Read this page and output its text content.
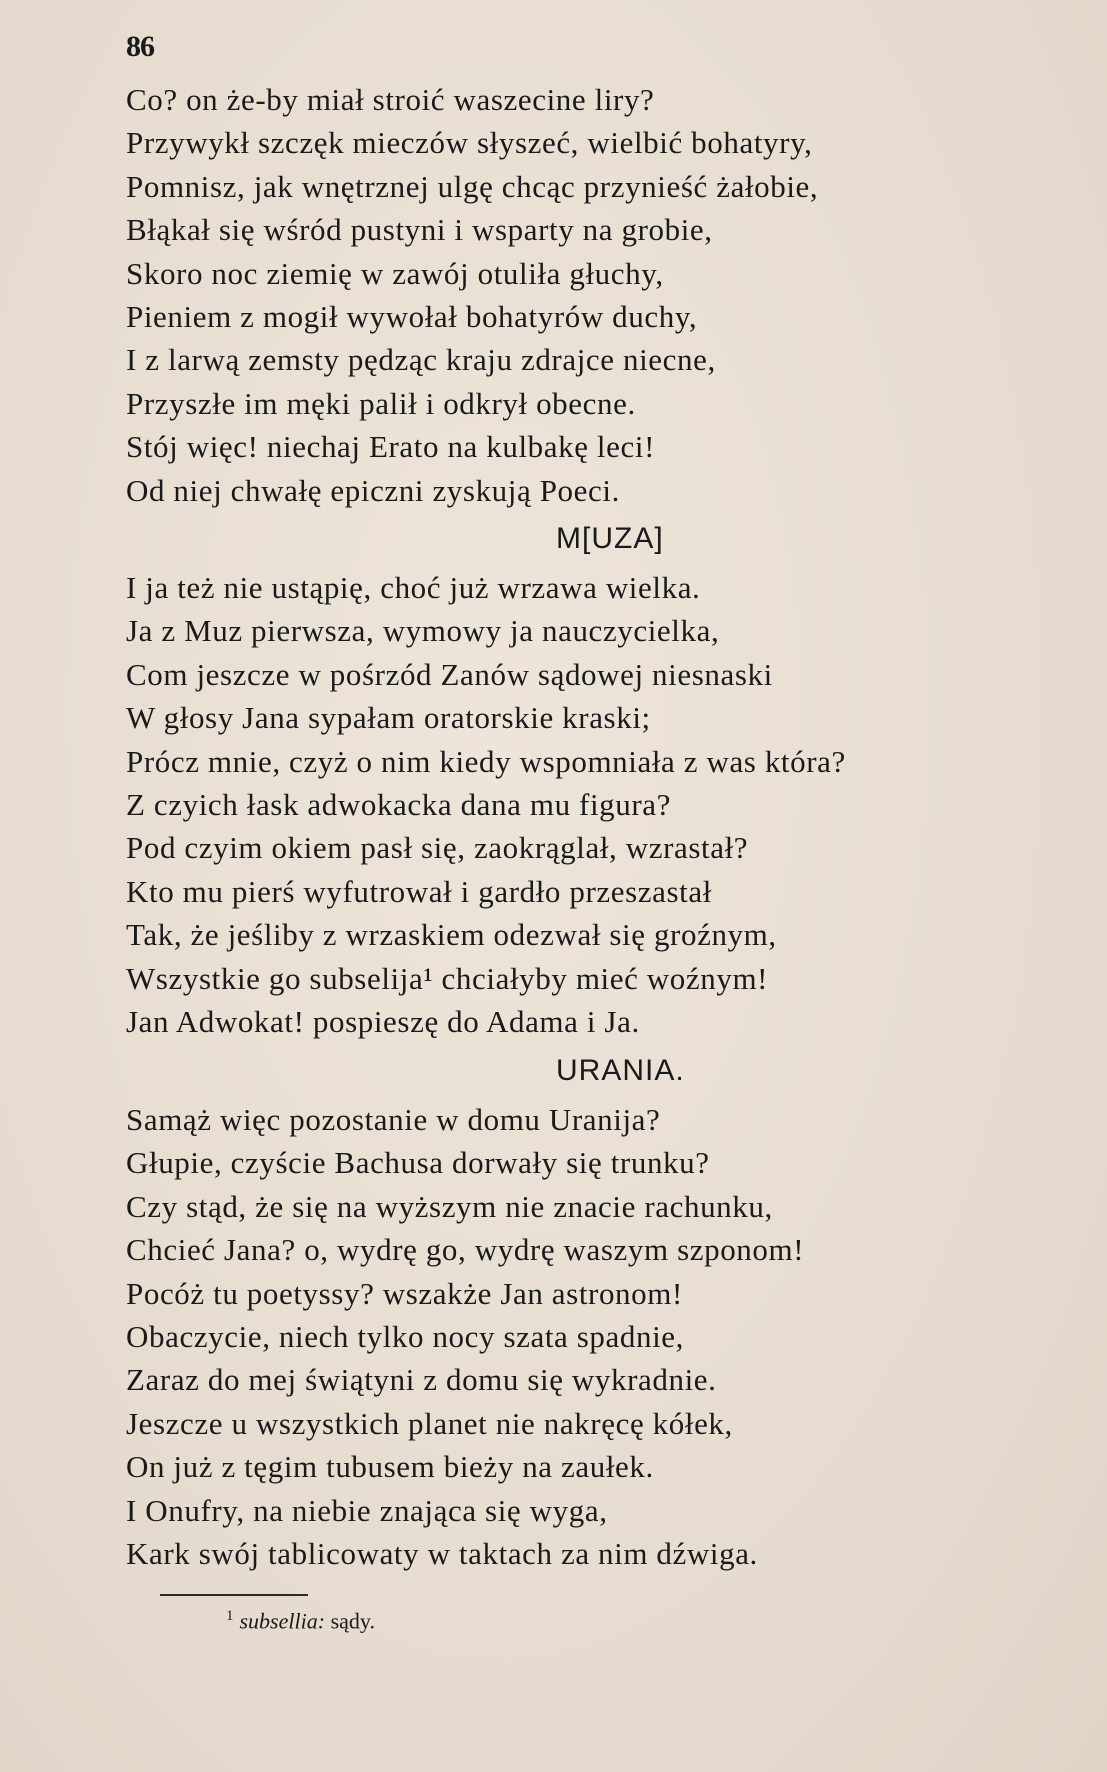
86
Co? on że-by miał stroić waszecine liry?
Przywykł szczęk mieczów słyszeć, wielbić bohatyry,
Pomnisz, jak wnętrznej ulgę chcąc przynieść żałobie,
Błąkał się wśród pustyni i wsparty na grobie,
Skoro noc ziemię w zawój otuliła głuchy,
Pieniem z mogił wywołał bohatyrów duchy,
I z larwą zemsty pędząc kraju zdrajce niecne,
Przyszłe im męki palił i odkrył obecne.
Stój więc! niechaj Erato na kulbakę leci!
Od niej chwałę epiczni zyskują Poeci.
M[UZA]
I ja też nie ustąpię, choć już wrzawa wielka.
Ja z Muz pierwsza, wymowy ja nauczycielka,
Com jeszcze w pośrzód Zanów sądowej niesnaski
W głosy Jana sypałam oratorskie kraski;
Prócz mnie, czyż o nim kiedy wspomniała z was która?
Z czyich łask adwokacka dana mu figura?
Pod czyim okiem pasł się, zaokrąglał, wzrastał?
Kto mu pierś wyfutrował i gardło przeszastał
Tak, że jeśliby z wrzaskiem odezwał się groźnym,
Wszystkie go subselija¹ chciałyby mieć woźnym!
Jan Adwokat! pospieszę do Adama i Ja.
URANIA.
Samąż więc pozostanie w domu Uranija?
Głupie, czyście Bachusa dorwały się trunku?
Czy stąd, że się na wyższym nie znacie rachunku,
Chcieć Jana? o, wydrę go, wydrę waszym szponom!
Pocóż tu poetyssy? wszakże Jan astronom!
Obaczycie, niech tylko nocy szata spadnie,
Zaraz do mej świątyni z domu się wykradnie.
Jeszcze u wszystkich planet nie nakręcę kółek,
On już z tęgim tubusem bieży na zaułek.
I Onufry, na niebie znająca się wyga,
Kark swój tablicowaty w taktach za nim dźwiga.
$^1$ subsellia: sądy.
